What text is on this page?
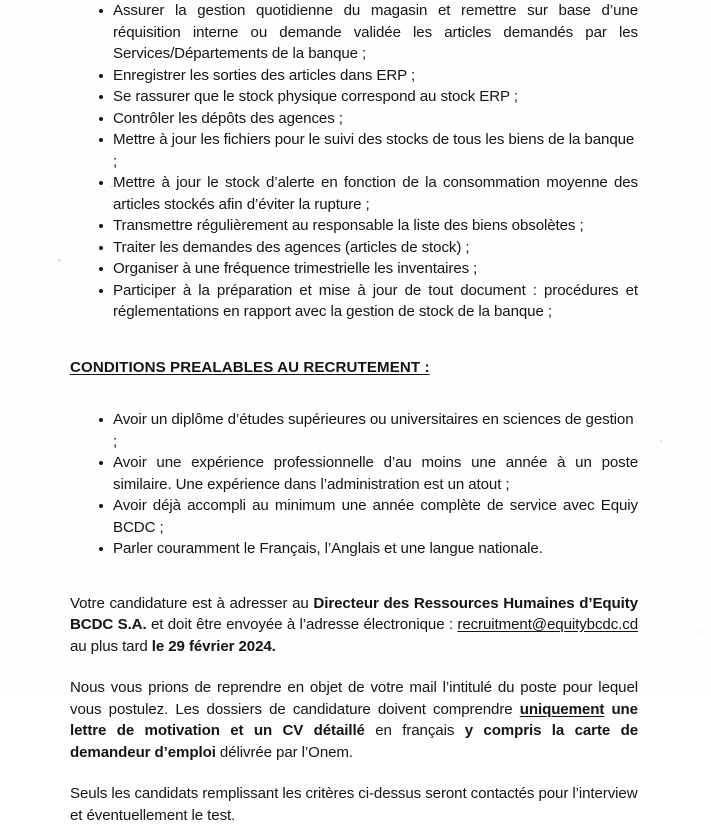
Assurer la gestion quotidienne du magasin et remettre sur base d’une réquisition interne ou demande validée les articles demandés par les Services/Départements de la banque ;
Enregistrer les sorties des articles dans ERP ;
Se rassurer que le stock physique correspond au stock ERP ;
Contrôler les dépôts des agences ;
Mettre à jour les fichiers pour le suivi des stocks de tous les biens de la banque ;
Mettre à jour le stock d’alerte en fonction de la consommation moyenne des articles stockés afin d’éviter la rupture ;
Transmettre régulièrement au responsable la liste des biens obsolètes ;
Traiter les demandes des agences (articles de stock) ;
Organiser à une fréquence trimestrielle les inventaires ;
Participer à la préparation et mise à jour de tout document : procédures et réglementations en rapport avec la gestion de stock de la banque ;
CONDITIONS PREALABLES AU RECRUTEMENT :
Avoir un diplôme d’études supérieures ou universitaires en sciences de gestion ;
Avoir une expérience professionnelle d’au moins une année à un poste similaire. Une expérience dans l’administration est un atout ;
Avoir déjà accompli au minimum une année complète de service avec Equiy BCDC ;
Parler couramment le Français, l’Anglais et une langue nationale.

Votre candidature est à adresser au Directeur des Ressources Humaines d’Equity BCDC S.A. et doit être envoyée à l’adresse électronique : recruitment@equitybcdc.cd au plus tard le 29 février 2024.

Nous vous prions de reprendre en objet de votre mail l’intitulé du poste pour lequel vous postulez. Les dossiers de candidature doivent comprendre uniquement une lettre de motivation et un CV détaillé en français y compris la carte de demandeur d’emploi délivrée par l’Onem.

Seuls les candidats remplissant les critères ci-dessus seront contactés pour l’interview et éventuellement le test.
